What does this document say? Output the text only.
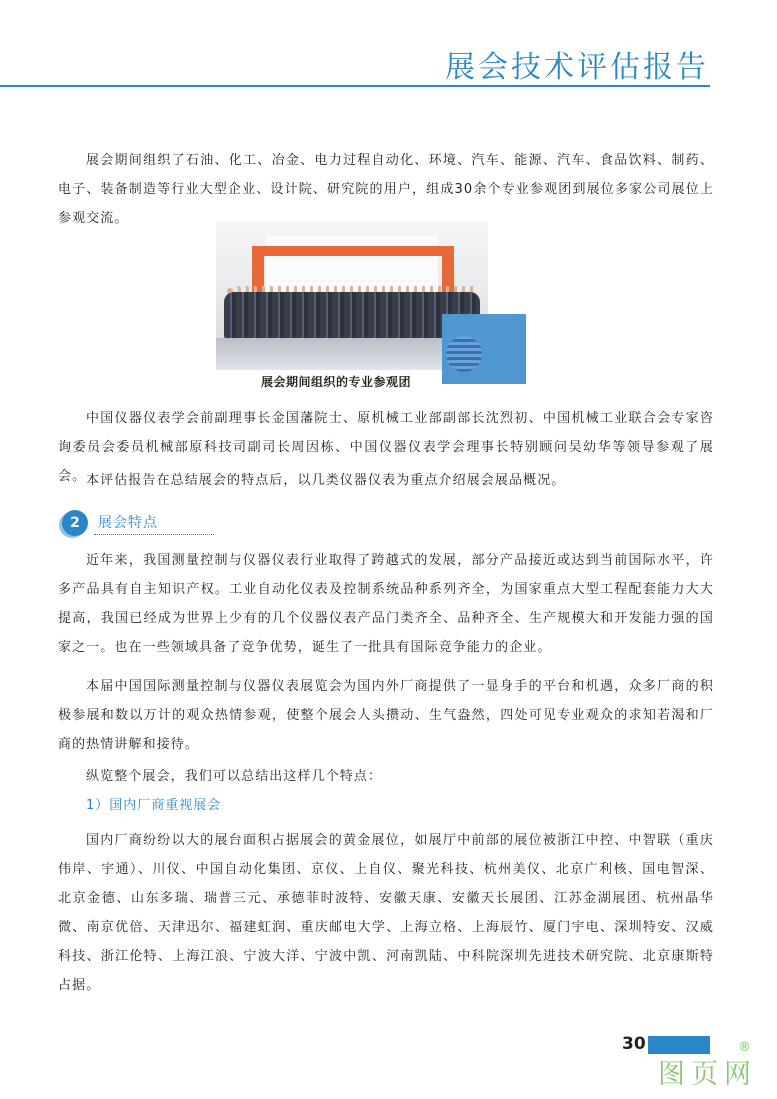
展会技术评估报告

展会期间组织了石油、化工、冶金、电力过程自动化、环境、汽车、能源、汽车、食品饮料、制药、电子、装备制造等行业大型企业、设计院、研究院的用户，组成30余个专业参观团到展位多家公司展位上参观交流。

展会期间组织的专业参观团

中国仪器仪表学会前副理事长金国藩院士、原机械工业部副部长沈烈初、中国机械工业联合会专家咨询委员会委员机械部原科技司副司长周因栋、中国仪器仪表学会理事长特别顾问吴幼华等领导参观了展会。 本评估报告在总结展会的特点后，以几类仪器仪表为重点介绍展会展品概况。

2	展会特点

近年来，我国测量控制与仪器仪表行业取得了跨越式的发展，部分产品接近或达到当前国际水平，许多产品具有自主知识产权。工业自动化仪表及控制系统品种系列齐全，为国家重点大型工程配套能力大大提高，我国已经成为世界上少有的几个仪器仪表产品门类齐全、品种齐全、生产规模大和开发能力强的国家之一。也在一些领域具备了竞争优势，诞生了一批具有国际竞争能力的企业。

本届中国国际测量控制与仪器仪表展览会为国内外厂商提供了一显身手的平台和机遇，众多厂商的积极参展和数以万计的观众热情参观，使整个展会人头攒动、生气盎然，四处可见专业观众的求知若渴和厂商的热情讲解和接待。

纵览整个展会，我们可以总结出这样几个特点：

1）国内厂商重视展会

国内厂商纷纷以大的展台面积占据展会的黄金展位，如展厅中前部的展位被浙江中控、中智联（重庆伟岸、宇通）、川仪、中国自动化集团、京仪、上自仪、聚光科技、杭州美仪、北京广利核、国电智深、北京金德、山东多瑞、瑞普三元、承德菲时波特、安徽天康、安徽天长展团、江苏金湖展团、杭州晶华微、南京优倍、天津迅尔、福建虹润、重庆邮电大学、上海立格、上海辰竹、厦门宇电、深圳特安、汉威科技、浙江伦特、上海江浪、宁波大洋、宁波中凯、河南凯陆、中科院深圳先进技术研究院、北京康斯特占据。

30
图页网
®
